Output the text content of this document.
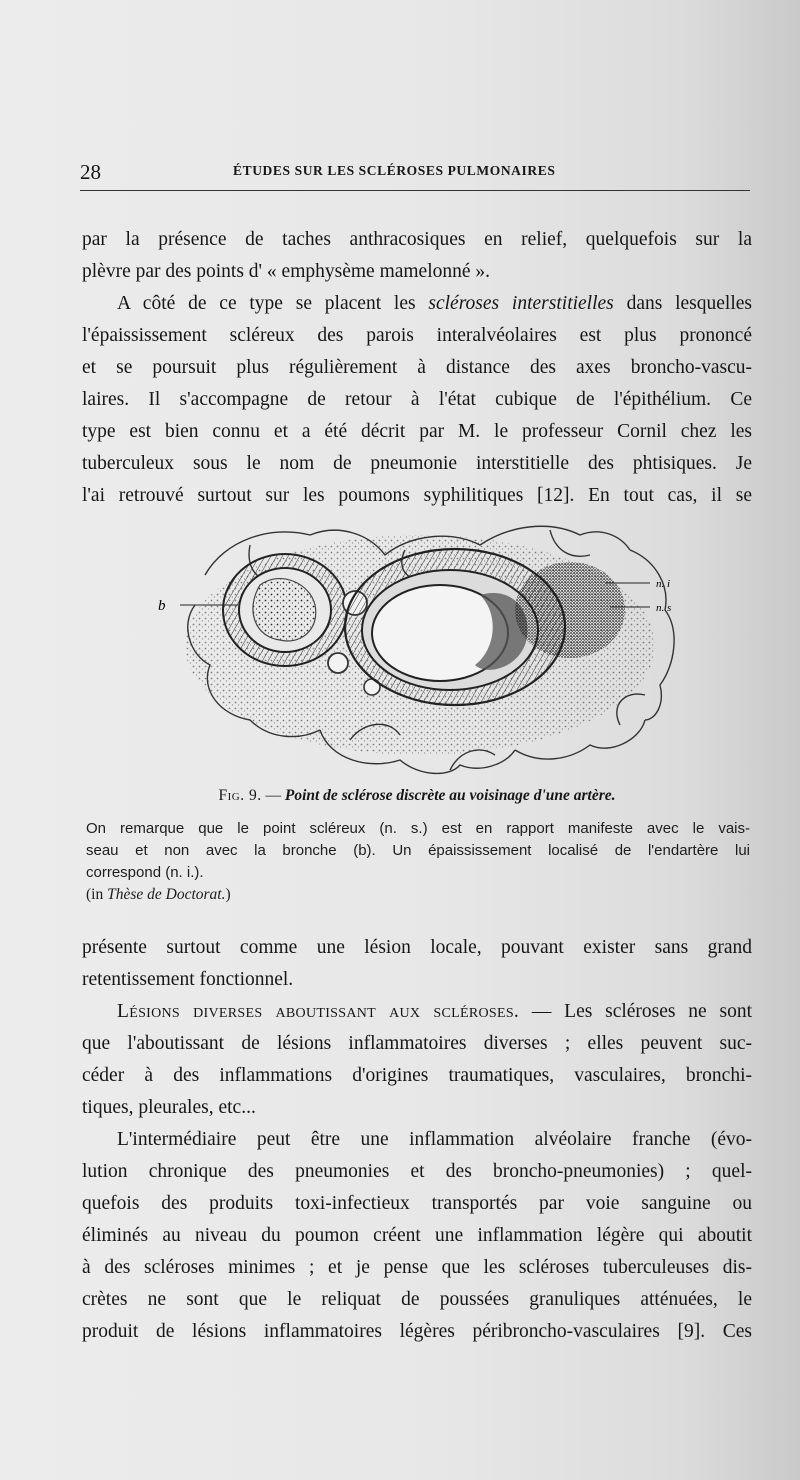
28	ÉTUDES SUR LES SCLÉROSES PULMONAIRES
par la présence de taches anthracosiques en relief, quelquefois sur la
plèvre par des points d' « emphysème mamelonné ».
A côté de ce type se placent les scléroses interstitielles dans lesquelles
l'épaississement scléreux des parois interalvéolaires est plus prononcé
et se poursuit plus régulièrement à distance des axes broncho-vascu-
laires. Il s'accompagne de retour à l'état cubique de l'épithélium. Ce
type est bien connu et a été décrit par M. le professeur Cornil chez les
tuberculeux sous le nom de pneumonie interstitielle des phtisiques. Je
l'ai retrouvé surtout sur les poumons syphilitiques [12]. En tout cas, il se
b
n. i
n. s
Fig. 9. — Point de sclérose discrète au voisinage d'une artère.
On remarque que le point scléreux (n. s.) est en rapport manifeste avec le vais-
seau et non avec la bronche (b). Un épaississement localisé de l'endartère lui
correspond (n. i.).
(in Thèse de Doctorat.)
présente surtout comme une lésion locale, pouvant exister sans grand
retentissement fonctionnel.
Lésions diverses aboutissant aux scléroses. — Les scléroses ne sont
que l'aboutissant de lésions inflammatoires diverses ; elles peuvent suc-
céder à des inflammations d'origines traumatiques, vasculaires, bronchi-
tiques, pleurales, etc...
L'intermédiaire peut être une inflammation alvéolaire franche (évo-
lution chronique des pneumonies et des broncho-pneumonies) ; quel-
quefois des produits toxi-infectieux transportés par voie sanguine ou
éliminés au niveau du poumon créent une inflammation légère qui aboutit
à des scléroses minimes ; et je pense que les scléroses tuberculeuses dis-
crètes ne sont que le reliquat de poussées granuliques atténuées, le
produit de lésions inflammatoires légères péribroncho-vasculaires [9]. Ces
